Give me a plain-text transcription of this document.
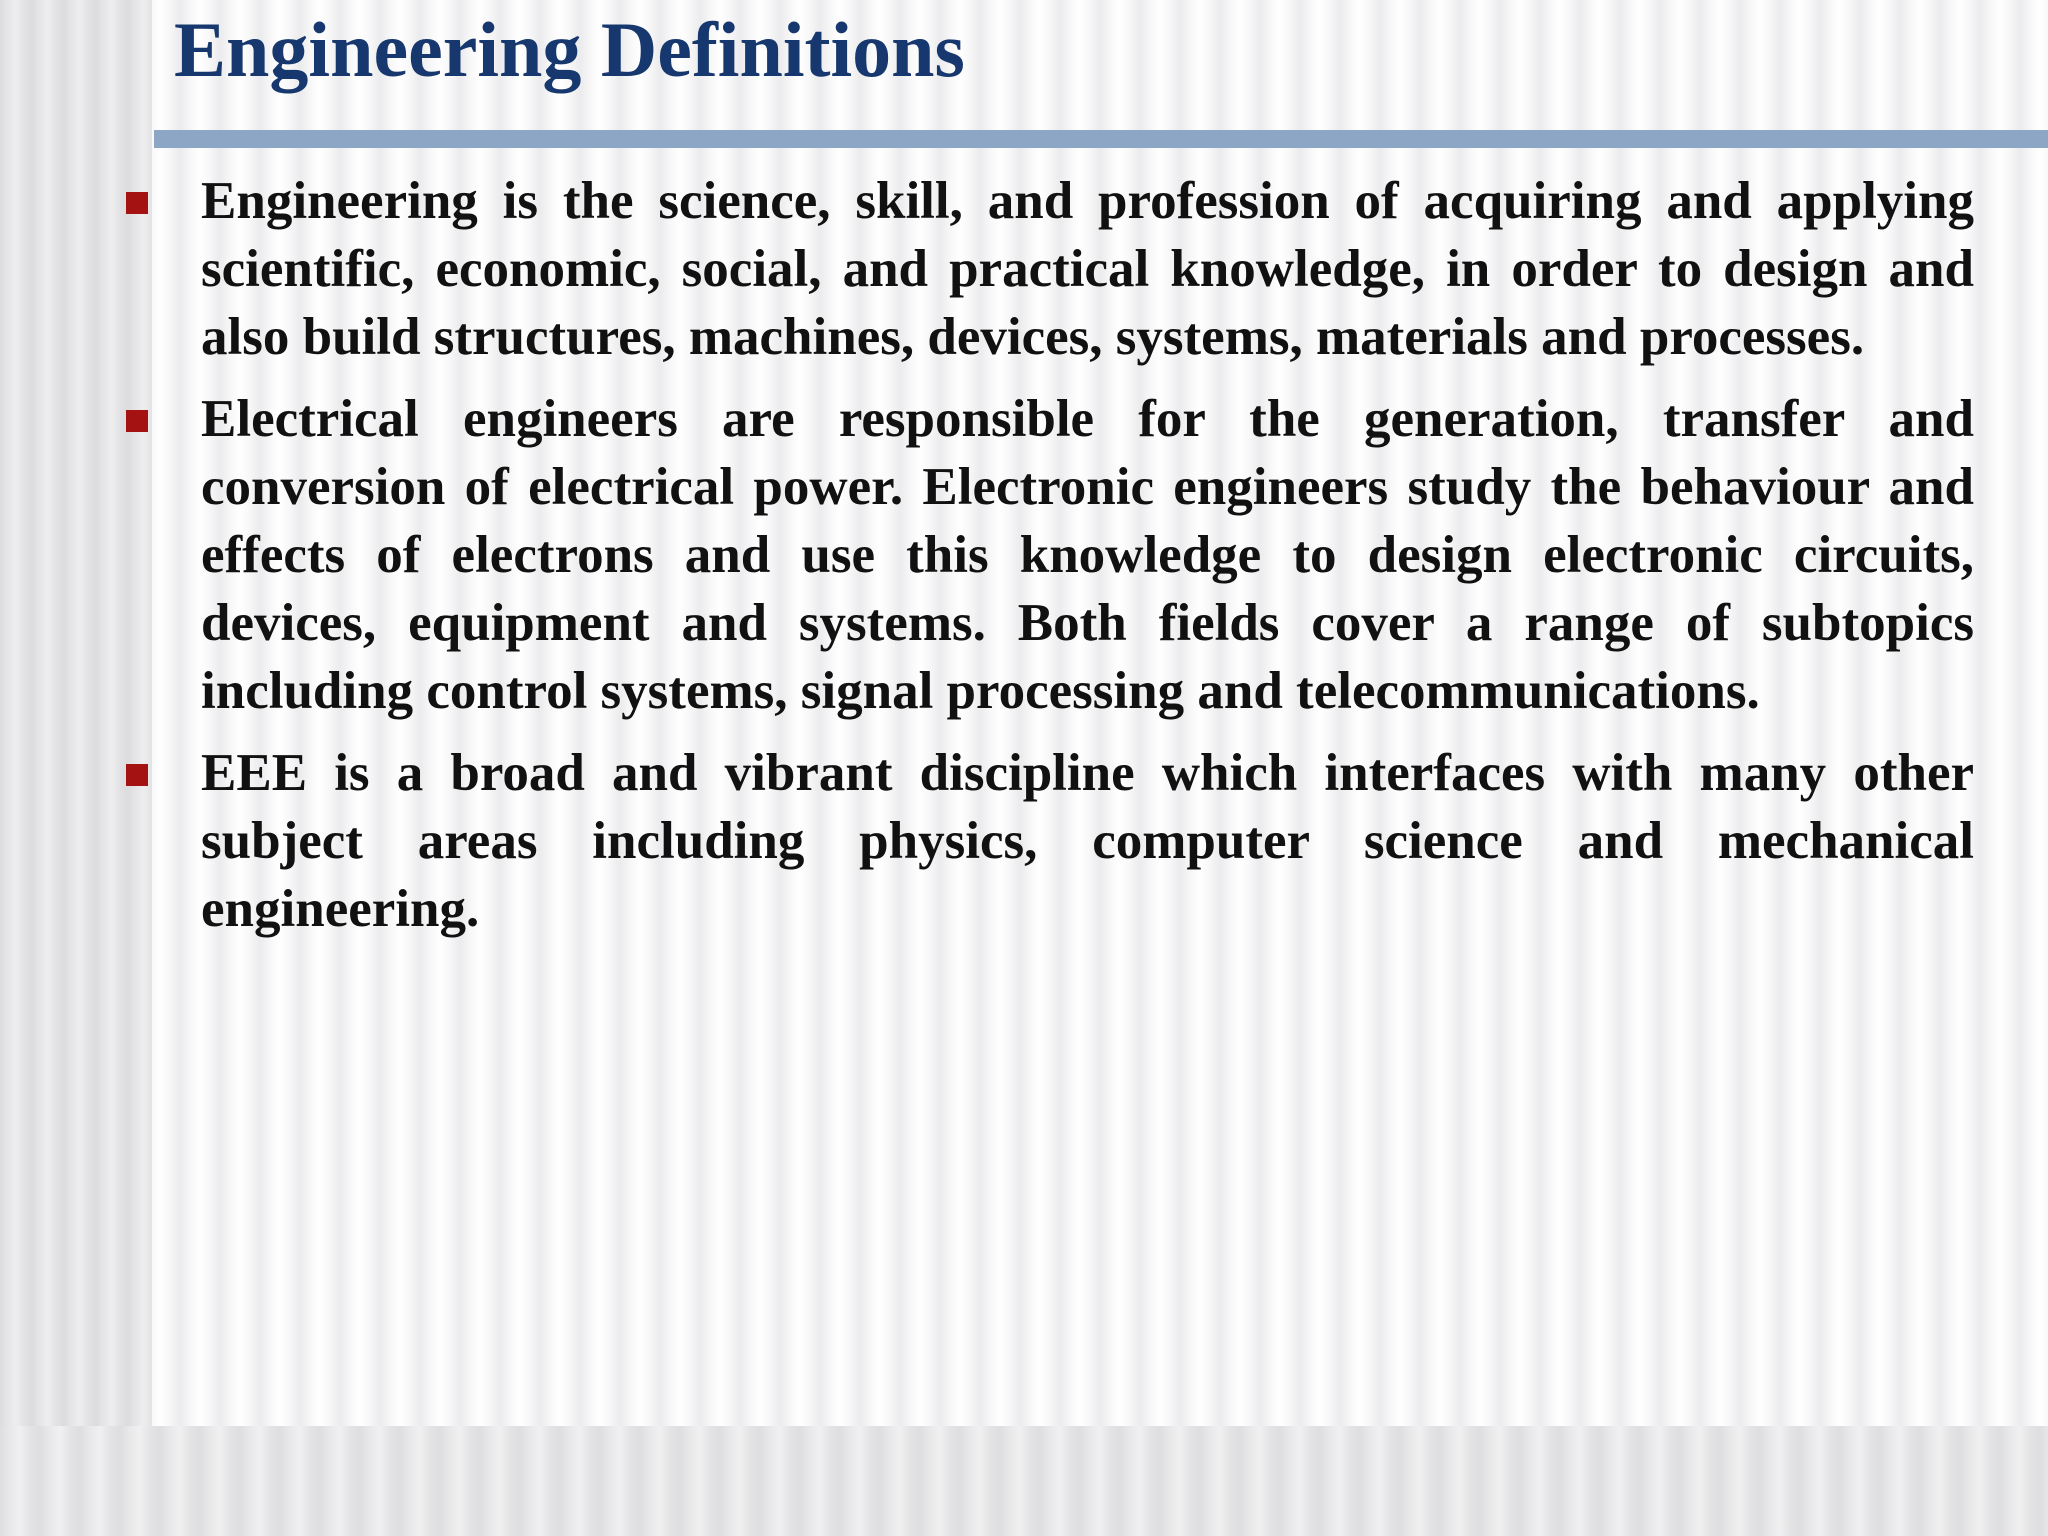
Engineering Definitions
Engineering is the science, skill, and profession of acquiring and applying scientific, economic, social, and practical knowledge, in order to design and also build structures, machines, devices, systems, materials and processes.
Electrical engineers are responsible for the generation, transfer and conversion of electrical power. Electronic engineers study the behaviour and effects of electrons and use this knowledge to design electronic circuits, devices, equipment and systems. Both fields cover a range of subtopics including control systems, signal processing and telecommunications.
EEE is a broad and vibrant discipline which interfaces with many other subject areas including physics, computer science and mechanical engineering.
